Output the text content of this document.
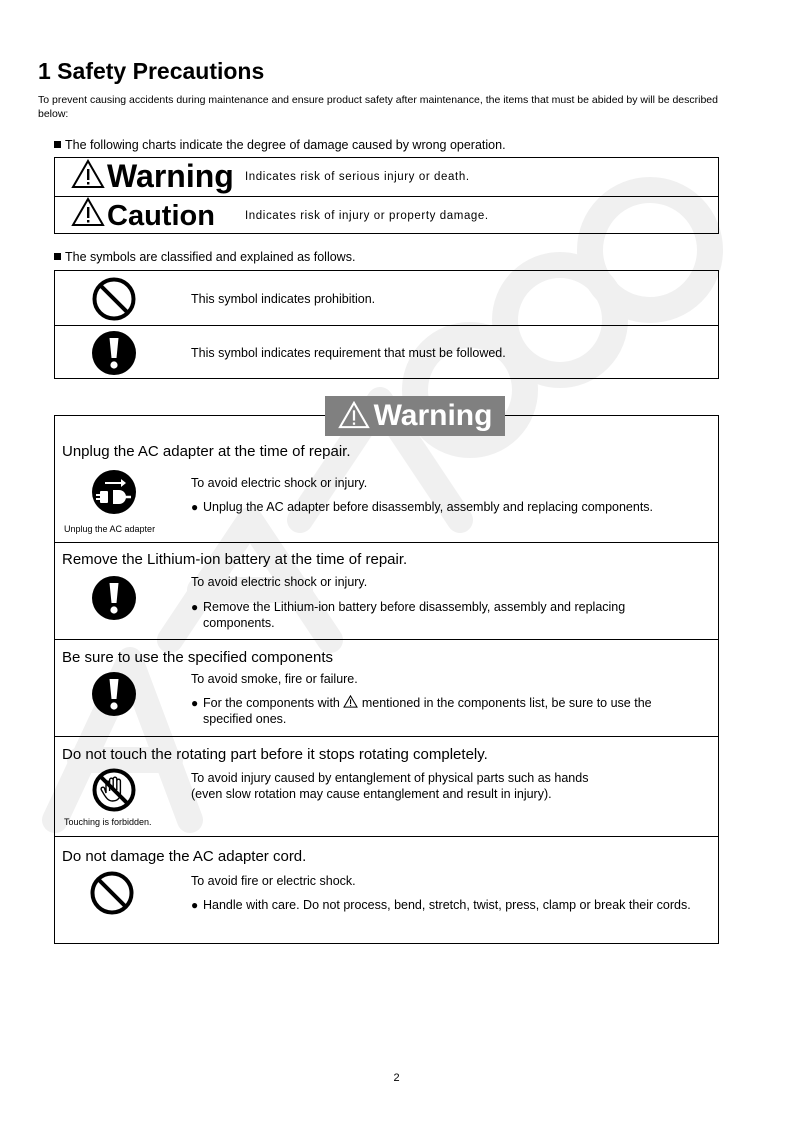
1 Safety Precautions
To prevent causing accidents during maintenance and ensure product safety after maintenance, the items that must be abided by will be described below:
The following charts indicate the degree of damage caused by wrong operation.
Warning Indicates risk of serious injury or death.
Caution	Indicates risk of injury or property damage.
The symbols are classified and explained as follows.
This symbol indicates prohibition.
This symbol indicates requirement that must be followed.
Unplug the AC adapter at the time of repair.
Unplug the AC adapter
To avoid electric shock or injury.
● Unplug the AC adapter before disassembly, assembly and replacing components.
Remove the Lithium-ion battery at the time of repair.
To avoid electric shock or injury.
● Remove the Lithium-ion battery before disassembly, assembly and replacing components.
Be sure to use the specified components
To avoid smoke, fire or failure.
● For the components with mentioned in the components list, be sure to use the specified ones.
Do not touch the rotating part before it stops rotating completely.
Touching is forbidden.
To avoid injury caused by entanglement of physical parts such as hands
(even slow rotation may cause entanglement and result in injury).
Do not damage the AC adapter cord.
To avoid fire or electric shock.
● Handle with care. Do not process, bend, stretch, twist, press, clamp or break their cords.
Warning
2
